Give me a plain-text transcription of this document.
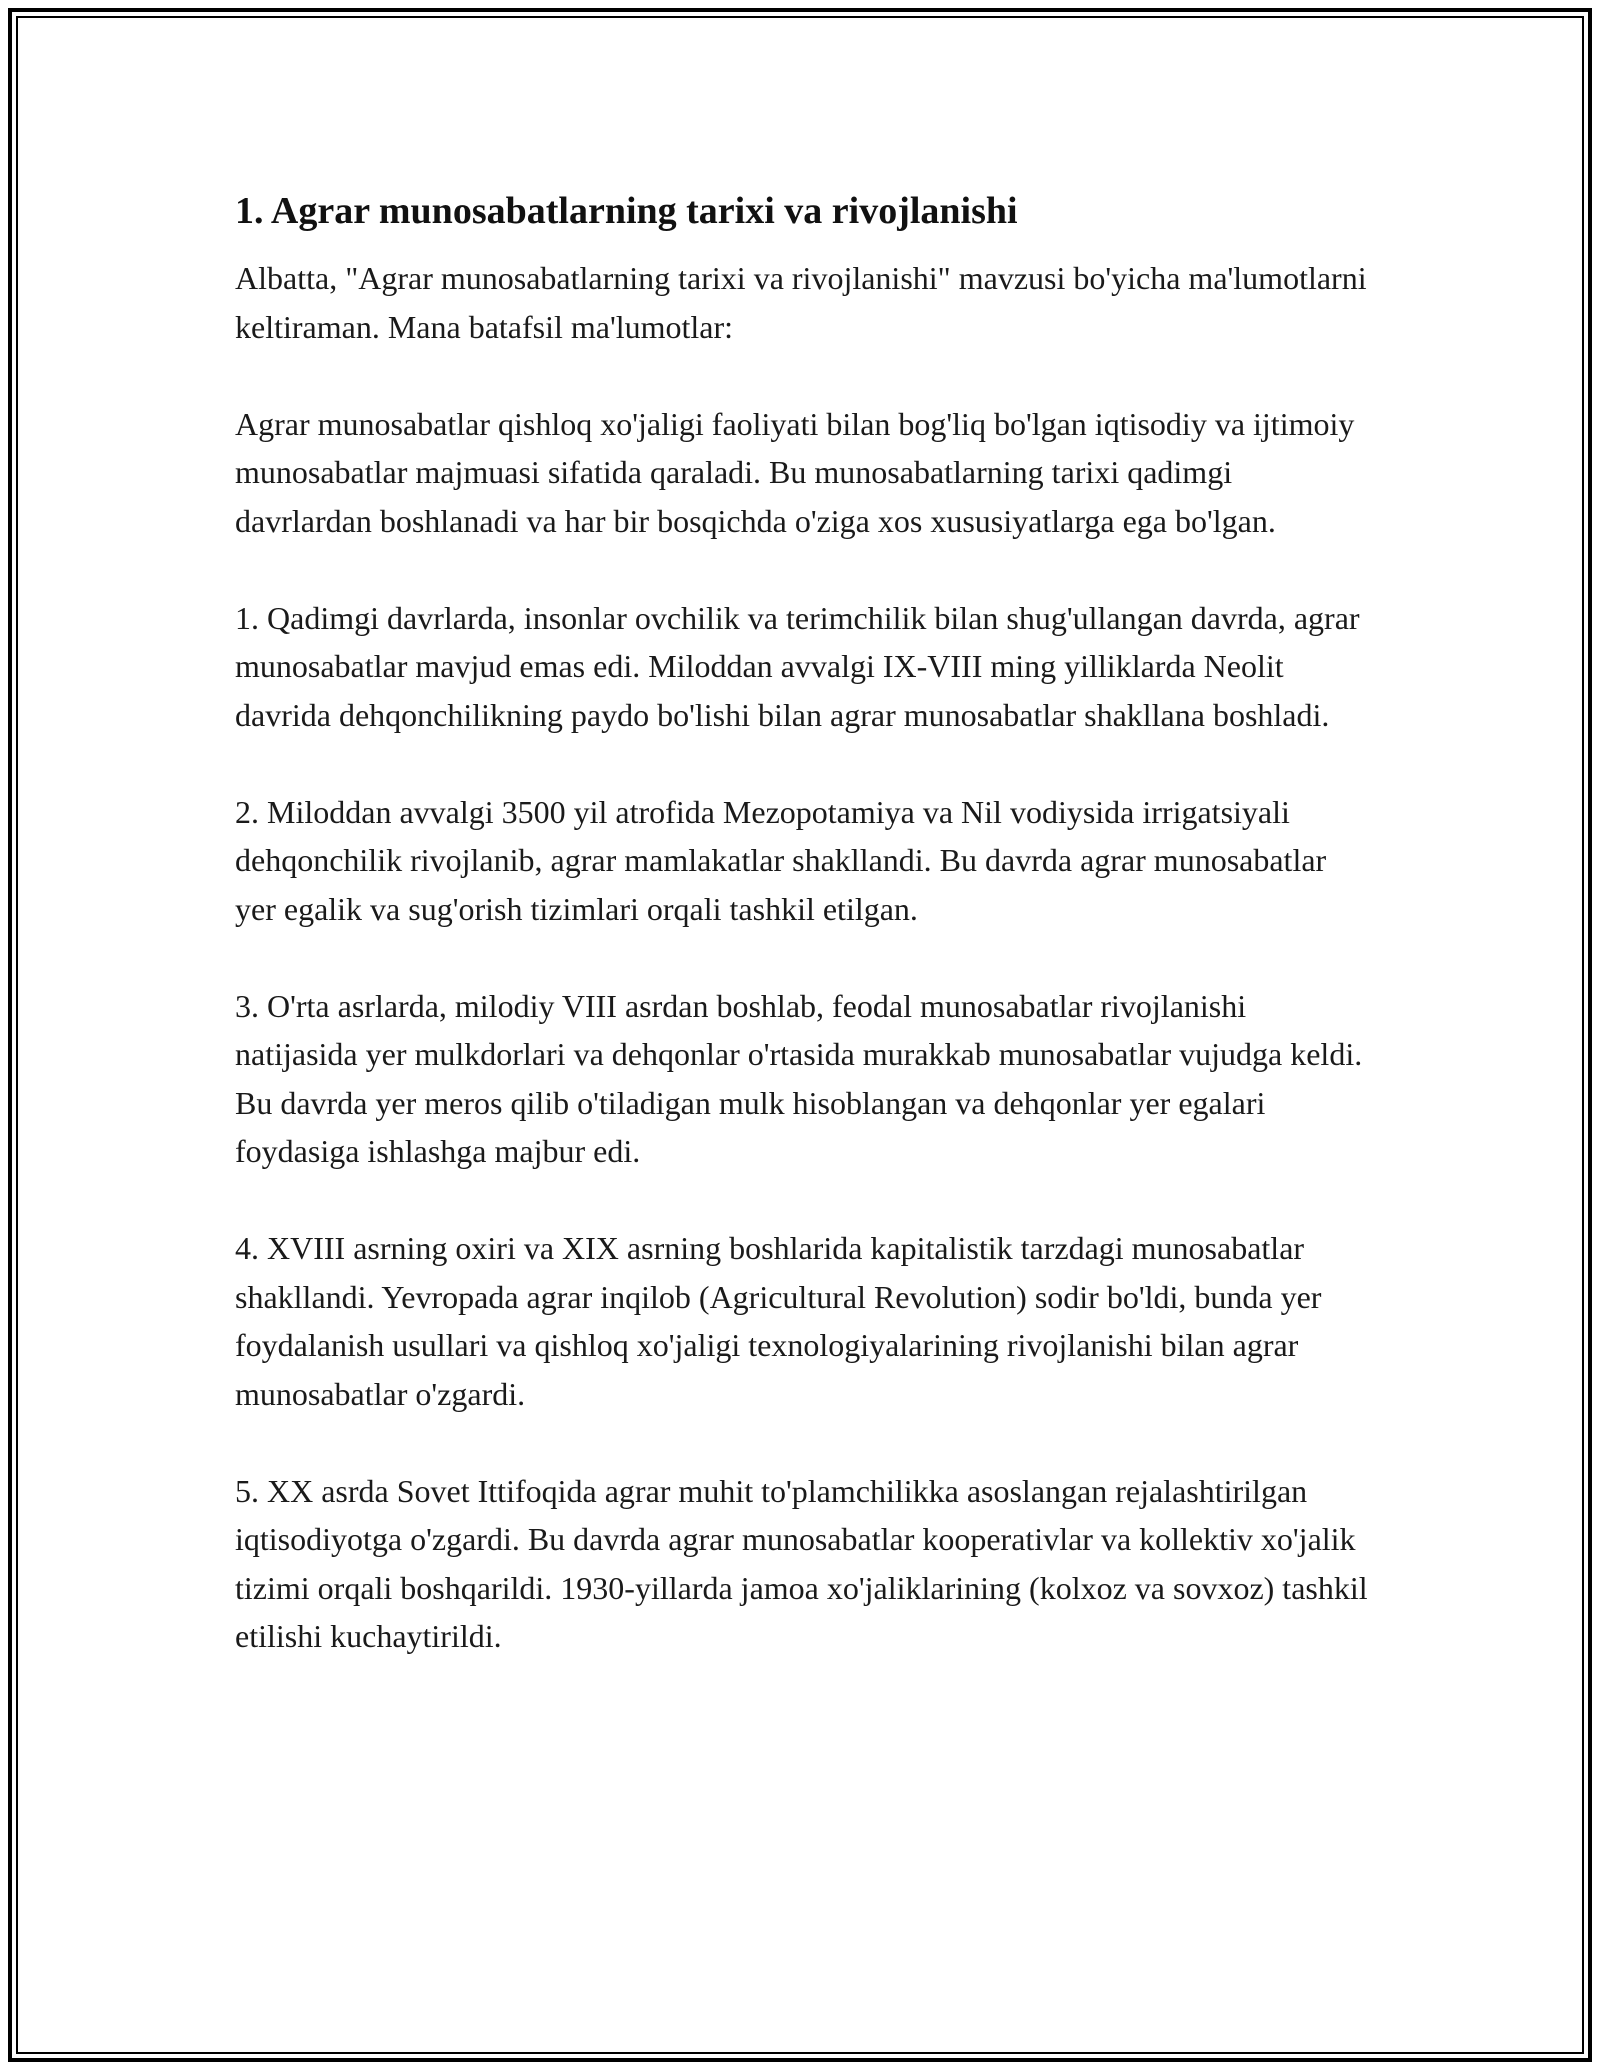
1. Agrar munosabatlarning tarixi va rivojlanishi

Albatta, "Agrar munosabatlarning tarixi va rivojlanishi" mavzusi bo'yicha ma'lumotlarni keltiraman. Mana batafsil ma'lumotlar:

Agrar munosabatlar qishloq xo'jaligi faoliyati bilan bog'liq bo'lgan iqtisodiy va ijtimoiy munosabatlar majmuasi sifatida qaraladi. Bu munosabatlarning tarixi qadimgi davrlardan boshlanadi va har bir bosqichda o'ziga xos xususiyatlarga ega bo'lgan.

1. Qadimgi davrlarda, insonlar ovchilik va terimchilik bilan shug'ullangan davrda, agrar munosabatlar mavjud emas edi. Miloddan avvalgi IX-VIII ming yilliklarda Neolit davrida dehqonchilikning paydo bo'lishi bilan agrar munosabatlar shakllana boshladi.

2. Miloddan avvalgi 3500 yil atrofida Mezopotamiya va Nil vodiysida irrigatsiyali dehqonchilik rivojlanib, agrar mamlakatlar shakllandi. Bu davrda agrar munosabatlar yer egalik va sug'orish tizimlari orqali tashkil etilgan.

3. O'rta asrlarda, milodiy VIII asrdan boshlab, feodal munosabatlar rivojlanishi natijasida yer mulkdorlari va dehqonlar o'rtasida murakkab munosabatlar vujudga keldi. Bu davrda yer meros qilib o'tiladigan mulk hisoblangan va dehqonlar yer egalari foydasiga ishlashga majbur edi.

4. XVIII asrning oxiri va XIX asrning boshlarida kapitalistik tarzdagi munosabatlar shakllandi. Yevropada agrar inqilob (Agricultural Revolution) sodir bo'ldi, bunda yer foydalanish usullari va qishloq xo'jaligi texnologiyalarining rivojlanishi bilan agrar munosabatlar o'zgardi.

5. XX asrda Sovet Ittifoqida agrar muhit to'plamchilikka asoslangan rejalashtirilgan iqtisodiyotga o'zgardi. Bu davrda agrar munosabatlar kooperativlar va kollektiv xo'jalik tizimi orqali boshqarildi. 1930-yillarda jamoa xo'jaliklarining (kolxoz va sovxoz) tashkil etilishi kuchaytirildi.
